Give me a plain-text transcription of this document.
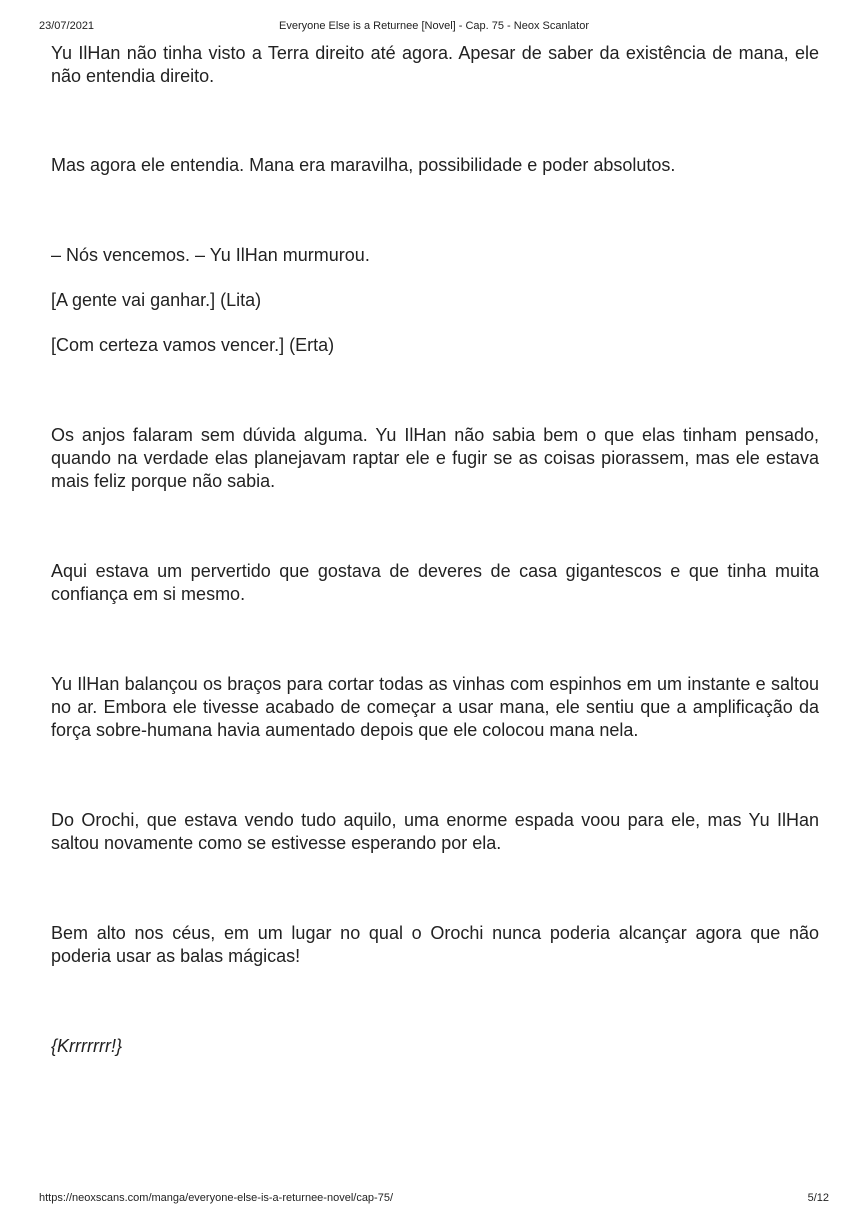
23/07/2021	Everyone Else is a Returnee [Novel] - Cap. 75 - Neox Scanlator

Yu IlHan não tinha visto a Terra direito até agora. Apesar de saber da existência de mana, ele não entendia direito.

Mas agora ele entendia. Mana era maravilha, possibilidade e poder absolutos.

– Nós vencemos. – Yu IlHan murmurou.

[A gente vai ganhar.] (Lita)

[Com certeza vamos vencer.] (Erta)

Os anjos falaram sem dúvida alguma. Yu IlHan não sabia bem o que elas tinham pensado, quando na verdade elas planejavam raptar ele e fugir se as coisas piorassem, mas ele estava mais feliz porque não sabia.

Aqui estava um pervertido que gostava de deveres de casa gigantescos e que tinha muita confiança em si mesmo.

Yu IlHan balançou os braços para cortar todas as vinhas com espinhos em um instante e saltou no ar. Embora ele tivesse acabado de começar a usar mana, ele sentiu que a amplificação da força sobre-humana havia aumentado depois que ele colocou mana nela.

Do Orochi, que estava vendo tudo aquilo, uma enorme espada voou para ele, mas Yu IlHan saltou novamente como se estivesse esperando por ela.

Bem alto nos céus, em um lugar no qual o Orochi nunca poderia alcançar agora que não poderia usar as balas mágicas!

{Krrrrrrr!}

https://neoxscans.com/manga/everyone-else-is-a-returnee-novel/cap-75/	5/12
